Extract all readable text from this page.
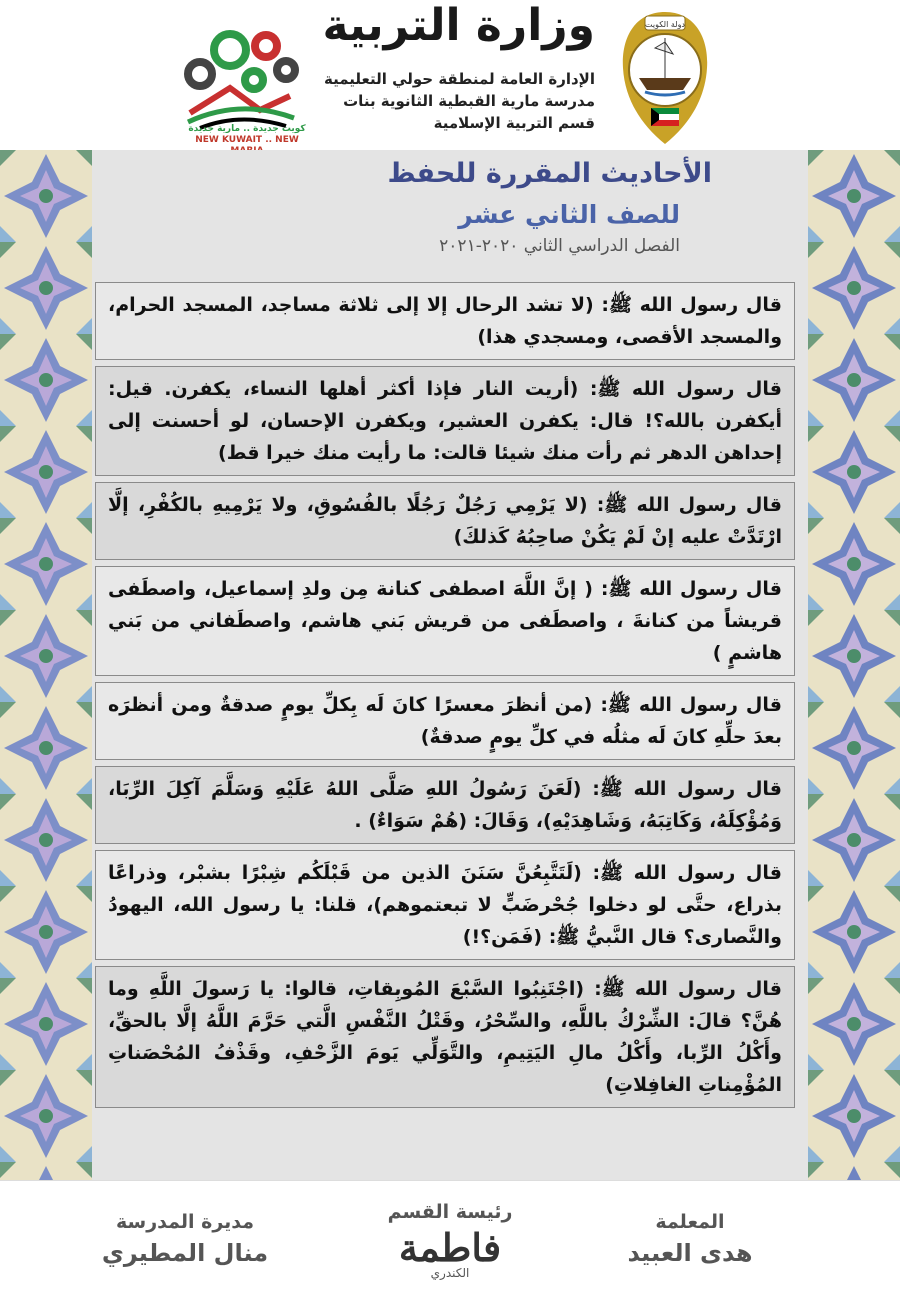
دولة الكويت
وزارة التربية
الإدارة العامة لمنطقة حولي التعليمية
مدرسة مارية القبطية الثانوية بنات
قسم التربية الإسلامية
كويت جديدة .. مارية جديدة
NEW KUWAIT .. NEW
الأحاديث المقررة للحفظ
للصف الثاني عشر
الفصل الدراسي الثاني ٢٠٢٠-٢٠٢١
قال رسول الله ﷺ: (لا تشد الرحال إلا إلى ثلاثة مساجد، المسجد الحرام، والمسجد الأقصى، ومسجدي هذا)
قال رسول الله ﷺ: (أريت النار فإذا أكثر أهلها النساء، يكفرن. قيل: أيكفرن بالله؟! قال: يكفرن العشير، ويكفرن الإحسان، لو أحسنت إلى إحداهن الدهر ثم رأت منك شيئا قالت: ما رأيت منك خيرا قط)
قال رسول الله ﷺ: (لا يَرْمِي رَجُلٌ رَجُلًا بالفُسُوقِ، ولا يَرْمِيهِ بالكُفْرِ، إلَّا ارْتَدَّتْ عليه إنْ لَمْ يَكُنْ صاحِبُهُ كَذلكَ)
قال رسول الله ﷺ: ( إنَّ اللَّهَ اصطفى كنانة مِن ولدِ إسماعيل، واصطَفى قريشاً من كنانةَ ، واصطَفى من قريش بَني هاشم، واصطَفاني من بَني هاشمٍ )
قال رسول الله ﷺ: (من أنظرَ معسرًا كانَ لَه بِكلِّ يومٍ صدقةٌ ومن أنظرَه بعدَ حلِّهِ كانَ لَه مثلُه في كلِّ يومٍ صدقةٌ)
قال رسول الله ﷺ: (لَعَنَ رَسُولُ اللهِ صَلَّى اللهُ عَلَيْهِ وَسَلَّمَ آكِلَ الرِّبَا، وَمُؤْكِلَهُ، وَكَاتِبَهُ، وَشَاهِدَيْهِ)، وَقَالَ: (هُمْ سَوَاءٌ) .
قال رسول الله ﷺ: (لَتَتَّبِعُنَّ سَنَنَ الذين من قَبْلَكُم شِبْرًا بشبْر، وذراعًا بذراع، حتَّى لو دخلوا جُحْرضَبٍّ لا تبعتموهم)، قلنا: يا رسول الله، اليهودُ والنَّصارى؟ قال النَّبيُّ ﷺ: (فَمَن؟!)
قال رسول الله ﷺ: (اجْتَنِبُوا السَّبْعَ المُوبِقاتِ، قالوا: يا رَسولَ اللَّهِ وما هُنَّ؟ قالَ: الشِّرْكُ باللَّهِ، والسِّحْرُ، وقَتْلُ النَّفْسِ الَّتي حَرَّمَ اللَّهُ إلَّا بالحقِّ، وأَكْلُ الرِّبا، وأَكْلُ مالِ اليَتِيمِ، والتَّوَلِّي يَومَ الزَّحْفِ، وقَذْفُ المُحْصَناتِ المُؤْمِناتِ الغافِلاتِ)
المعلمة
هدى العبيد
رئيسة القسم
فاطمة
الكندري
مديرة المدرسة
منال المطيري
